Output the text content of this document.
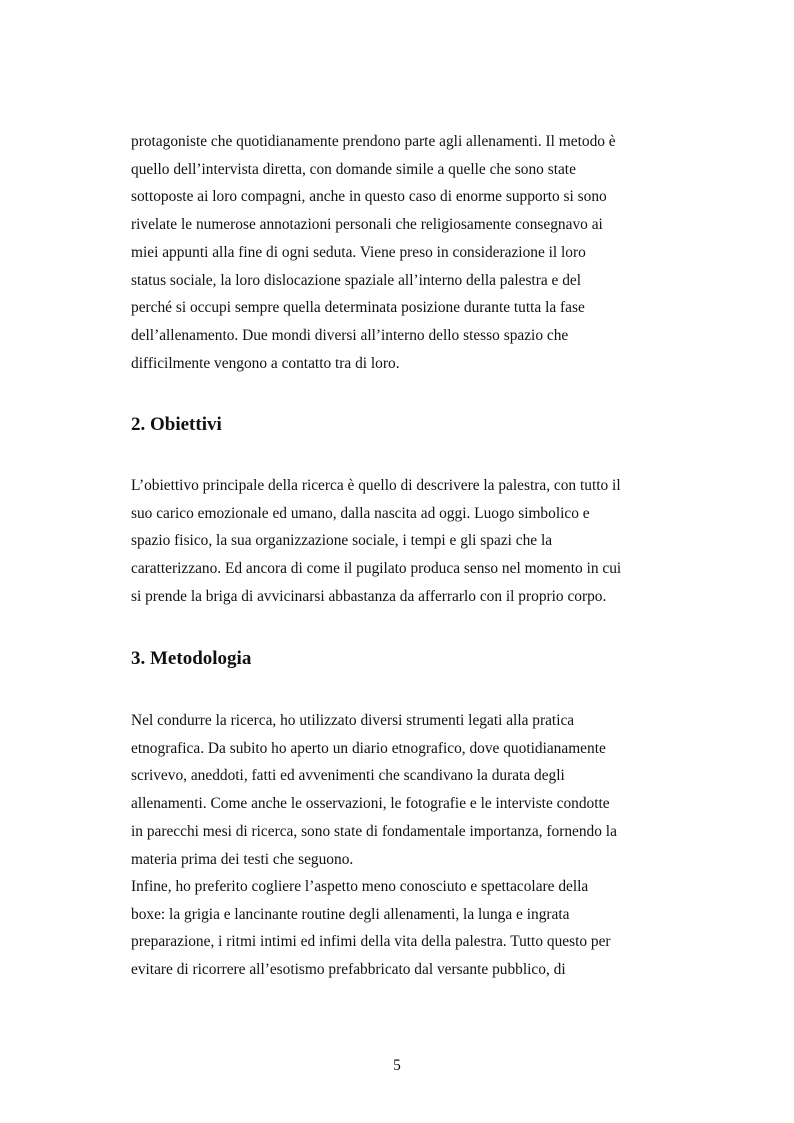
protagoniste che quotidianamente prendono parte agli allenamenti. Il metodo è
quello dell’intervista diretta, con domande simile a quelle che sono state
sottoposte ai loro compagni, anche in questo caso di enorme supporto si sono
rivelate le numerose annotazioni personali che religiosamente consegnavo ai
miei appunti alla fine di ogni seduta. Viene preso in considerazione il loro
status sociale, la loro dislocazione spaziale all’interno della palestra e del
perché si occupi sempre quella determinata posizione durante tutta la fase
dell’allenamento. Due mondi diversi all’interno dello stesso spazio che
difficilmente vengono a contatto tra di loro.

2. Obiettivi

L’obiettivo principale della ricerca è quello di descrivere la palestra, con tutto il
suo carico emozionale ed umano, dalla nascita ad oggi. Luogo simbolico e
spazio fisico, la sua organizzazione sociale, i tempi e gli spazi che la
caratterizzano. Ed ancora di come il pugilato produca senso nel momento in cui
si prende la briga di avvicinarsi abbastanza da afferrarlo con il proprio corpo.

3. Metodologia

Nel condurre la ricerca, ho utilizzato diversi strumenti legati alla pratica
etnografica. Da subito ho aperto un diario etnografico, dove quotidianamente
scrivevo, aneddoti, fatti ed avvenimenti che scandivano la durata degli
allenamenti. Come anche le osservazioni, le fotografie e le interviste condotte
in parecchi mesi di ricerca, sono state di fondamentale importanza, fornendo la
materia prima dei testi che seguono.

Infine, ho preferito cogliere l’aspetto meno conosciuto e spettacolare della
boxe: la grigia e lancinante routine degli allenamenti, la lunga e ingrata
preparazione, i ritmi intimi ed infimi della vita della palestra. Tutto questo per
evitare di ricorrere all’esotismo prefabbricato dal versante pubblico, di

5
